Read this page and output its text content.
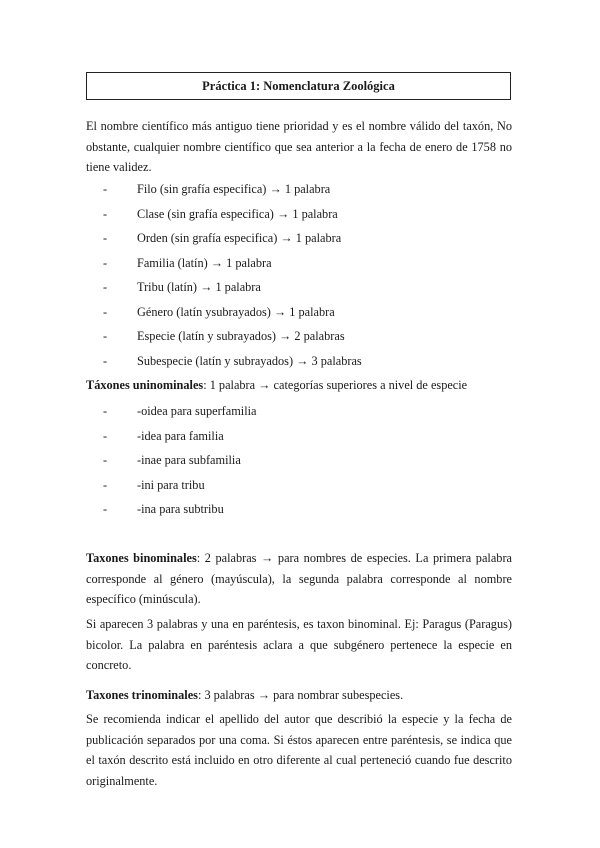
Práctica 1: Nomenclatura Zoológica

El nombre científico más antiguo tiene prioridad y es el nombre válido del taxón, No obstante, cualquier nombre científico que sea anterior a la fecha de enero de 1758 no tiene validez.

- Filo (sin grafía especifica) → 1 palabra
- Clase (sin grafía especifica) → 1 palabra
- Orden (sin grafía especifica) → 1 palabra
- Familia (latín) → 1 palabra
- Tribu (latín) → 1 palabra
- Género (latín ysubrayados) → 1 palabra
- Especie (latín y subrayados) → 2 palabras
- Subespecie (latín y subrayados) → 3 palabras
Táxones uninominales: 1 palabra → categorías superiores a nivel de especie
- -oidea para superfamilia
- -idea para familia
- -inae para subfamilia
- -ini para tribu
- -ina para subtribu

Taxones binominales: 2 palabras → para nombres de especies. La primera palabra corresponde al género (mayúscula), la segunda palabra corresponde al nombre específico (minúscula).

Si aparecen 3 palabras y una en paréntesis, es taxon binominal. Ej: Paragus (Paragus) bicolor. La palabra en paréntesis aclara a que subgénero pertenece la especie en concreto.

Taxones trinominales: 3 palabras → para nombrar subespecies.

Se recomienda indicar el apellido del autor que describió la especie y la fecha de publicación separados por una coma. Si éstos aparecen entre paréntesis, se indica que el taxón descrito está incluido en otro diferente al cual perteneció cuando fue descrito originalmente.
